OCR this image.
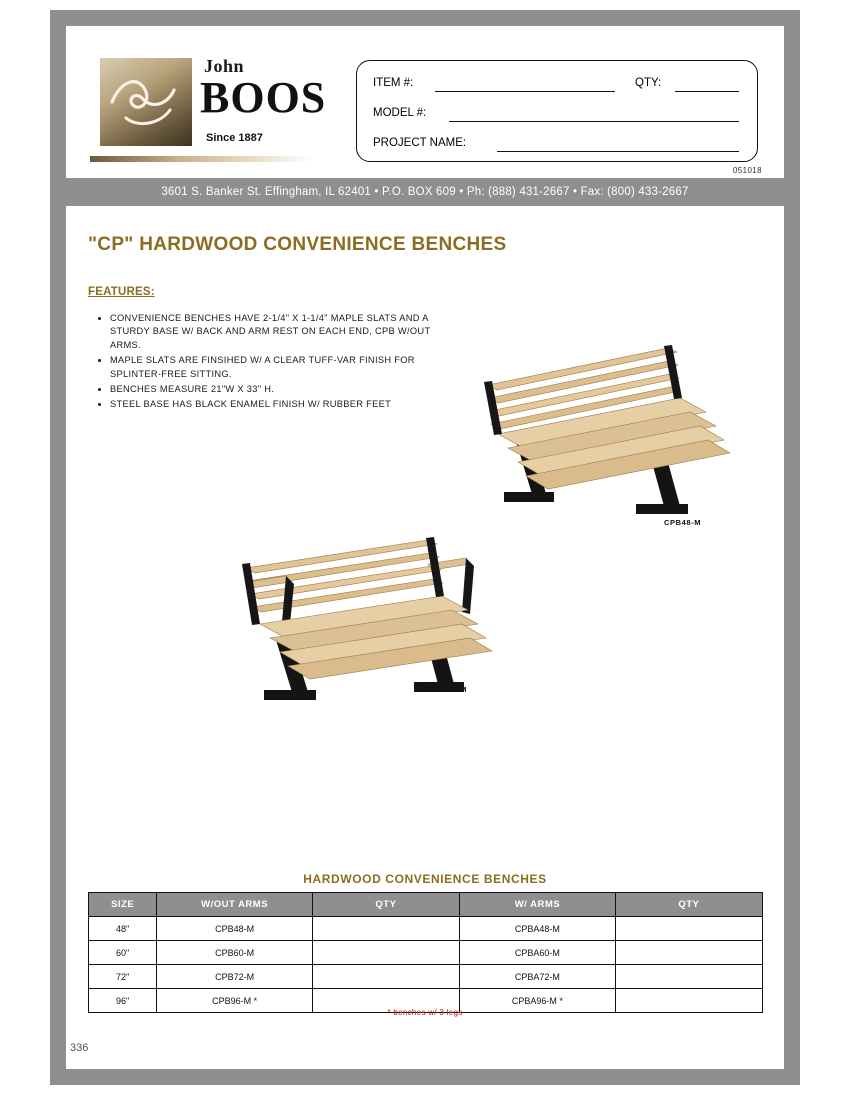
John
BOOS
Since 1887
ITEM #:	QTY:
MODEL #:
PROJECT NAME:
051018
3601 S. Banker St. Effingham, IL 62401 • P.O. BOX 609 • Ph: (888) 431-2667 • Fax: (800) 433-2667
"CP" HARDWOOD CONVENIENCE BENCHES
FEATURES:
• CONVENIENCE BENCHES HAVE 2-1/4" X 1-1/4" MAPLE SLATS AND A STURDY BASE W/ BACK AND ARM REST ON EACH END, CPB W/OUT ARMS.
• MAPLE SLATS ARE FINSIHED W/ A CLEAR TUFF-VAR FINISH FOR SPLINTER-FREE SITTING.
• BENCHES MEASURE 21"W X 33" H.
• STEEL BASE HAS BLACK ENAMEL FINISH W/ RUBBER FEET
CPB48-M
CPBA48-M
HARDWOOD CONVENIENCE BENCHES
SIZE	W/OUT ARMS	QTY	W/ ARMS	QTY
48"	CPB48-M		CPBA48-M	
60"	CPB60-M		CPBA60-M	
72"	CPB72-M		CPBA72-M	
96"	CPB96-M *		CPBA96-M *	
* benches w/ 3 legs
336
